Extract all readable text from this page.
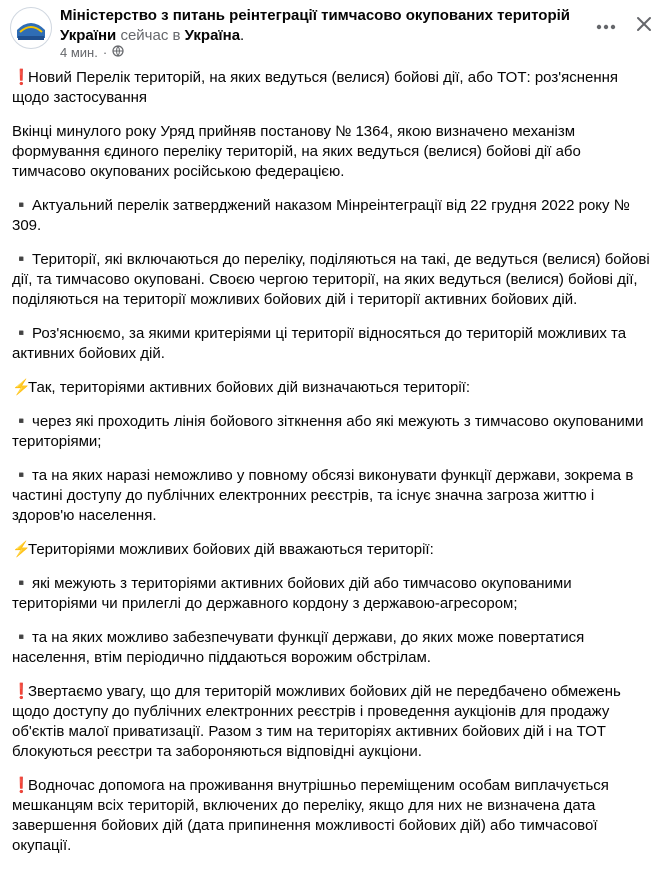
Міністерство з питань реінтеграції тимчасово окупованих територій України сейчас в Україна.
4 мин. ·

❗Новий Перелік територій, на яких ведуться (велися) бойові дії, або ТОТ: роз'яснення щодо застосування

Вкінці минулого року Уряд прийняв постанову № 1364, якою визначено механізм формування єдиного переліку територій, на яких ведуться (велися) бойові дії або тимчасово окупованих російською федерацією.

▪️Актуальний перелік затверджений наказом Мінреінтеграції від 22 грудня 2022 року № 309.

▪️Території, які включаються до переліку, поділяються на такі, де ведуться (велися) бойові дії, та тимчасово окуповані. Своєю чергою території, на яких ведуться (велися) бойові дії, поділяються на території можливих бойових дій і території активних бойових дій.

▪️Роз'яснюємо, за якими критеріями ці території відносяться до територій можливих та активних бойових дій.

⚡Так, територіями активних бойових дій визначаються території:

▪️через які проходить лінія бойового зіткнення або які межують з тимчасово окупованими територіями;

▪️та на яких наразі неможливо у повному обсязі виконувати функції держави, зокрема в частині доступу до публічних електронних реєстрів, та існує значна загроза життю і здоров'ю населення.

⚡Територіями можливих бойових дій вважаються території:

▪️які межують з територіями активних бойових дій або тимчасово окупованими територіями чи прилеглі до державного кордону з державою-агресором;

▪️та на яких можливо забезпечувати функції держави, до яких може повертатися населення, втім періодично піддаються ворожим обстрілам.

❗Звертаємо увагу, що для територій можливих бойових дій не передбачено обмежень щодо доступу до публічних електронних реєстрів і проведення аукціонів для продажу об'єктів малої приватизації. Разом з тим на територіях активних бойових дій і на ТОТ блокуються реєстри та забороняються відповідні аукціони.

❗Водночас допомога на проживання внутрішньо переміщеним особам виплачується мешканцям всіх територій, включених до переліку, якщо для них не визначена дата завершення бойових дій (дата припинення можливості бойових дій) або тимчасової окупації.
